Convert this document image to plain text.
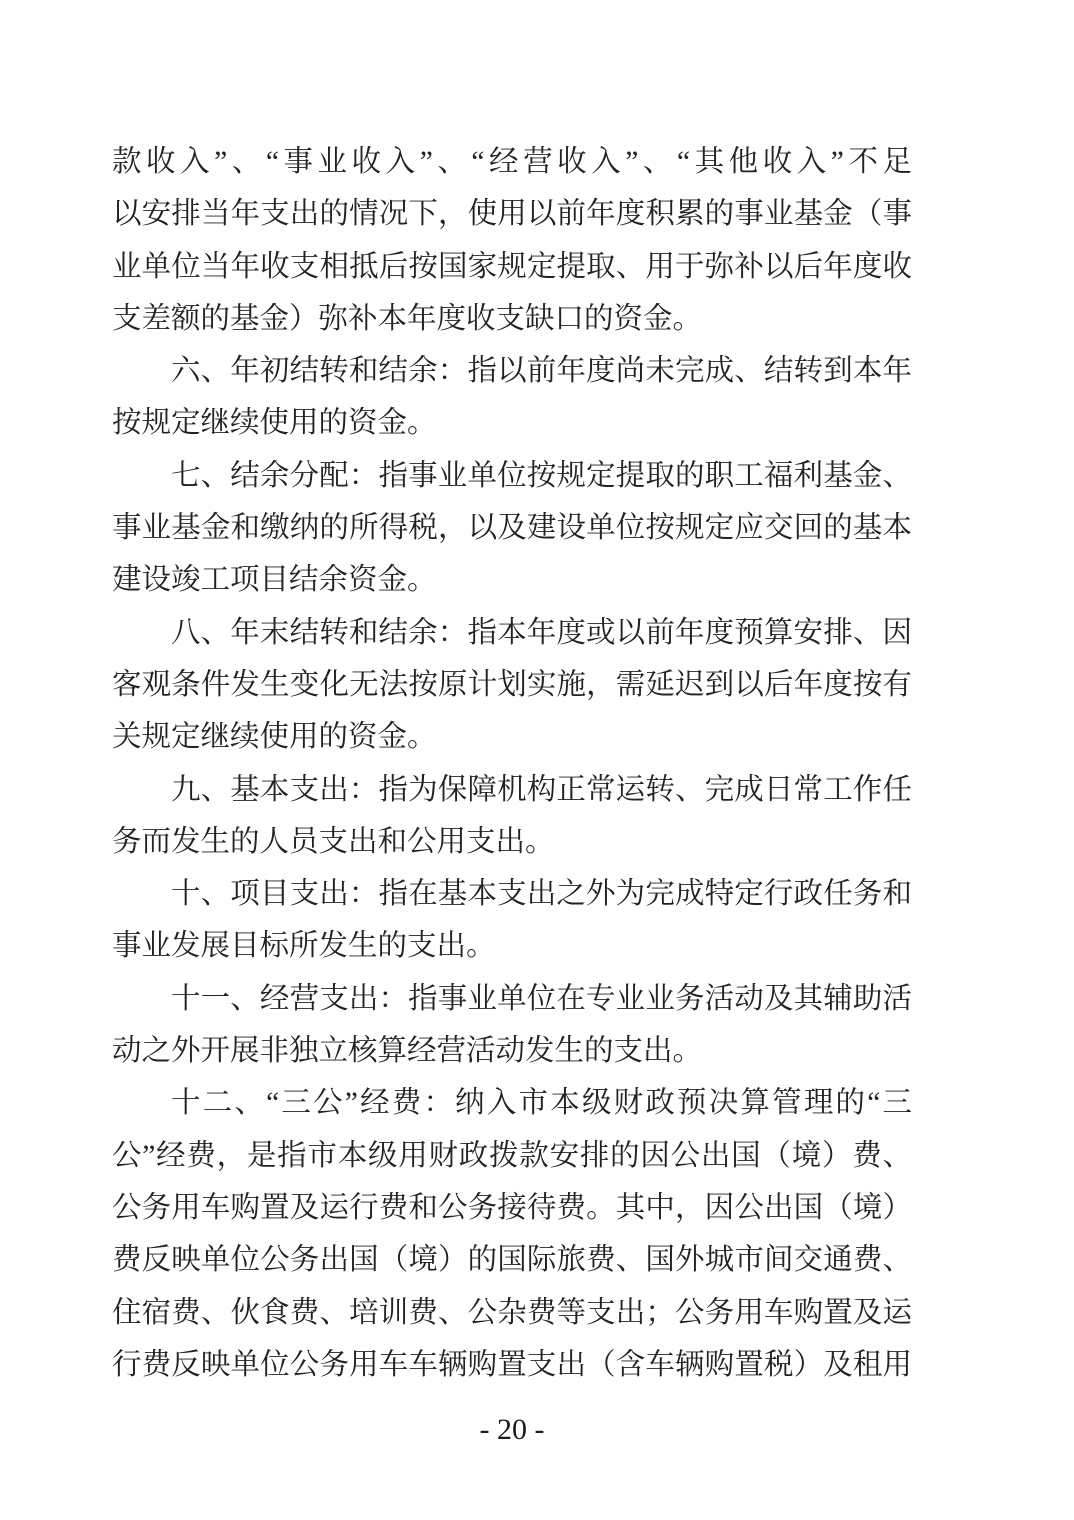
款收入”、“事业收入”、“经营收入”、“其他收入”不足
以安排当年支出的情况下，使用以前年度积累的事业基金（事
业单位当年收支相抵后按国家规定提取、用于弥补以后年度收
支差额的基金）弥补本年度收支缺口的资金。
六、年初结转和结余：指以前年度尚未完成、结转到本年
按规定继续使用的资金。
七、结余分配：指事业单位按规定提取的职工福利基金、
事业基金和缴纳的所得税，以及建设单位按规定应交回的基本
建设竣工项目结余资金。
八、年末结转和结余：指本年度或以前年度预算安排、因
客观条件发生变化无法按原计划实施，需延迟到以后年度按有
关规定继续使用的资金。
九、基本支出：指为保障机构正常运转、完成日常工作任
务而发生的人员支出和公用支出。
十、项目支出：指在基本支出之外为完成特定行政任务和
事业发展目标所发生的支出。
十一、经营支出：指事业单位在专业业务活动及其辅助活
动之外开展非独立核算经营活动发生的支出。
十二、“三公”经费：纳入市本级财政预决算管理的“三
公”经费，是指市本级用财政拨款安排的因公出国（境）费、
公务用车购置及运行费和公务接待费。其中，因公出国（境）
费反映单位公务出国（境）的国际旅费、国外城市间交通费、
住宿费、伙食费、培训费、公杂费等支出；公务用车购置及运
行费反映单位公务用车车辆购置支出（含车辆购置税）及租用
- 20 -
